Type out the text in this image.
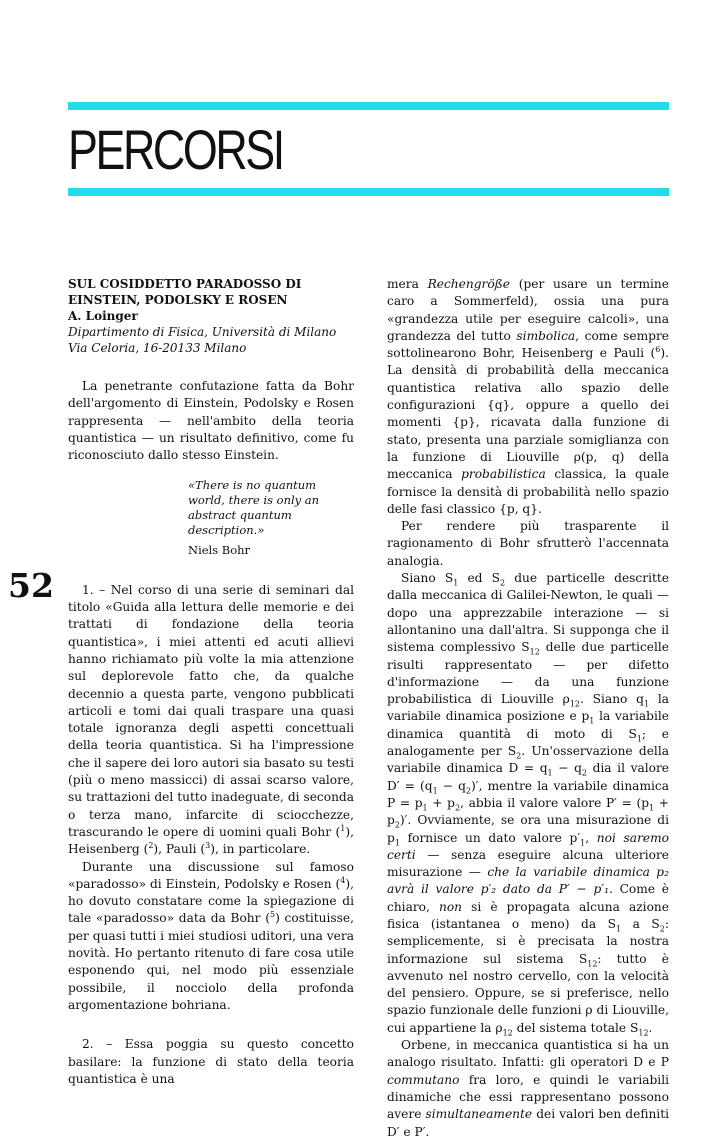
PERCORSI
52

SUL COSIDDETTO PARADOSSO DI
EINSTEIN, PODOLSKY E ROSEN

A. Loinger

Dipartimento di Fisica, Università di Milano
Via Celoria, 16-20133 Milano

La penetrante confutazione fatta da Bohr dell'argomento di Einstein, Podolsky e Rosen rappresenta — nell'ambito della teoria quantistica — un risultato definitivo, come fu riconosciuto dallo stesso Einstein.

«There is no quantum world, there is only an abstract quantum description.»

Niels Bohr

1. – Nel corso di una serie di seminari dal titolo «Guida alla lettura delle memorie e dei trattati di fondazione della teoria quantistica», i miei attenti ed acuti allievi hanno richiamato più volte la mia attenzione sul deplorevole fatto che, da qualche decennio a questa parte, vengono pubblicati articoli e tomi dai quali traspare una quasi totale ignoranza degli aspetti concettuali della teoria quantistica. Si ha l'impressione che il sapere dei loro autori sia basato su testi (più o meno massicci) di assai scarso valore, su trattazioni del tutto inadeguate, di seconda o terza mano, infarcite di sciocchezze, trascurando le opere di uomini quali Bohr ($^1$), Heisenberg ($^2$), Pauli ($^3$), in particolare.

Durante una discussione sul famoso «paradosso» di Einstein, Podolsky e Rosen ($^4$), ho dovuto constatare come la spiegazione di tale «paradosso» data da Bohr ($^5$) costituisse, per quasi tutti i miei studiosi uditori, una vera novità. Ho pertanto ritenuto di fare cosa utile esponendo qui, nel modo più essenziale possibile, il nocciolo della profonda argomentazione bohriana.

2. – Essa poggia su questo concetto basilare: la funzione di stato della teoria quantistica è una

mera Rechengröße (per usare un termine caro a Sommerfeld), ossia una pura «grandezza utile per eseguire calcoli», una grandezza del tutto simbolica, come sempre sottolinearono Bohr, Heisenberg e Pauli ($^6$). La densità di probabilità della meccanica quantistica relativa allo spazio delle configurazioni {q}, oppure a quello dei momenti {p}, ricavata dalla funzione di stato, presenta una parziale somiglianza con la funzione di Liouville ρ(p, q) della meccanica probabilistica classica, la quale fornisce la densità di probabilità nello spazio delle fasi classico {p, q}.

Per rendere più trasparente il ragionamento di Bohr sfrutterò l'accennata analogia.

Siano $S_1$ ed $S_2$ due particelle descritte dalla meccanica di Galilei-Newton, le quali — dopo una apprezzabile interazione — si allontanino una dall'altra. Si supponga che il sistema complessivo $S_{12}$ delle due particelle risulti rappresentato — per difetto d'informazione — da una funzione probabilistica di Liouville $\rho_{12}$. Siano $q_1$ la variabile dinamica posizione e $p_1$ la variabile dinamica quantità di moto di $S_1$; e analogamente per $S_2$. Un'osservazione della variabile dinamica $D = q_1 - q_2$ dia il valore $D' = (q_1 - q_2)'$, mentre la variabile dinamica $P = p_1 + p_2$, abbia il valore valore $P' = (p_1 + p_2)'$. Ovviamente, se ora una misurazione di $p_1$ fornisce un dato valore $p'_1$, noi saremo certi — senza eseguire alcuna ulteriore misurazione — che la variabile dinamica p₂ avrà il valore p′₂ dato da P′ − p′₁. Come è chiaro, non si è propagata alcuna azione fisica (istantanea o meno) da $S_1$ a $S_2$: semplicemente, si è precisata la nostra informazione sul sistema $S_{12}$: tutto è avvenuto nel nostro cervello, con la velocità del pensiero. Oppure, se si preferisce, nello spazio funzionale delle funzioni ρ di Liouville, cui appartiene la $\rho_{12}$ del sistema totale $S_{12}$.

Orbene, in meccanica quantistica si ha un analogo risultato. Infatti: gli operatori D e P commutano fra loro, e quindi le variabili dinamiche che essi rappresentano possono avere simultaneamente dei valori ben definiti D′ e P′.
